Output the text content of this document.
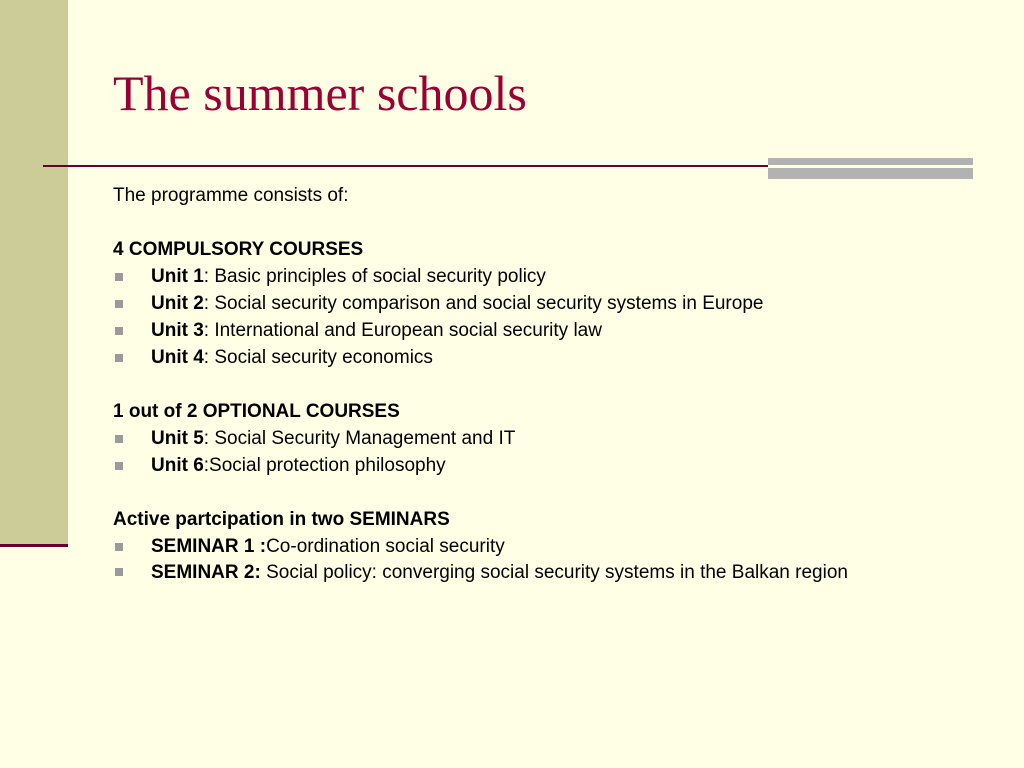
The summer schools

The programme consists of:

4 COMPULSORY COURSES

Unit 1: Basic principles of social security policy
Unit 2: Social security comparison and social security systems in Europe
Unit 3: International and European social security law
Unit 4: Social security economics

1 out of 2 OPTIONAL COURSES

Unit 5: Social Security Management and IT
Unit 6:Social protection philosophy

Active partcipation in two SEMINARS

SEMINAR 1 :Co-ordination social security
SEMINAR 2: Social policy: converging social security systems in the Balkan region
